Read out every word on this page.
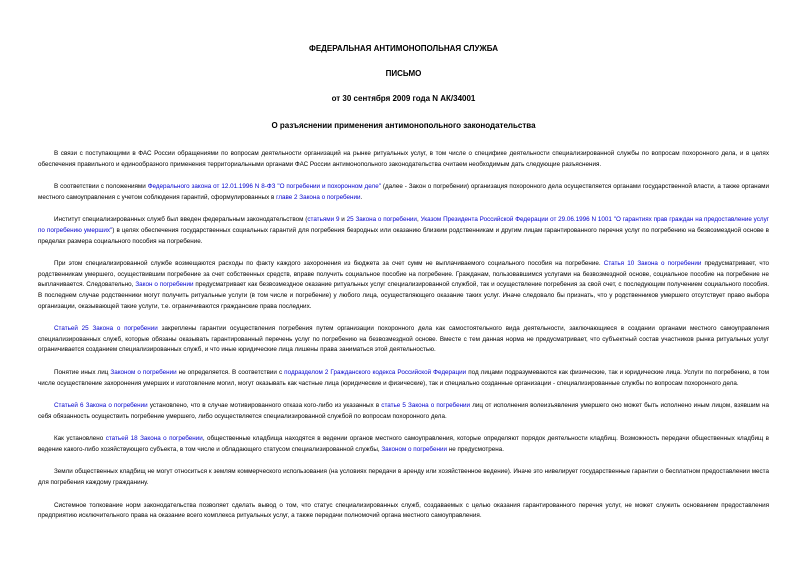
ФЕДЕРАЛЬНАЯ АНТИМОНОПОЛЬНАЯ СЛУЖБА

ПИСЬМО

от 30 сентября 2009 года N АК/34001

О разъяснении применения антимонопольного законодательства

В связи с поступающими в ФАС России обращениями по вопросам деятельности организаций на рынке ритуальных услуг, в том числе о специфике деятельности специализированной службы по вопросам похоронного дела, и в целях обеспечения правильного и единообразного применения территориальными органами ФАС России антимонопольного законодательства считаем необходимым дать следующие разъяснения.

В соответствии с положениями Федерального закона от 12.01.1996 N 8-ФЗ "О погребении и похоронном деле" (далее - Закон о погребении) организация похоронного дела осуществляется органами государственной власти, а также органами местного самоуправления с учетом соблюдения гарантий, сформулированных в главе 2 Закона о погребении.

Институт специализированных служб был введен федеральным законодательством (статьями 9 и 25 Закона о погребении, Указом Президента Российской Федерации от 29.06.1996 N 1001 "О гарантиях прав граждан на предоставление услуг по погребению умерших") в целях обеспечения государственных социальных гарантий для погребения безродных или оказанию близким родственникам и другим лицам гарантированного перечня услуг по погребению на безвозмездной основе в пределах размера социального пособия на погребение.

При этом специализированной службе возмещаются расходы по факту каждого захоронения из бюджета за счет сумм не выплачиваемого социального пособия на погребение. Статья 10 Закона о погребении предусматривает, что родственникам умершего, осуществившим погребение за счет собственных средств, вправе получить социальное пособие на погребение. Гражданам, пользовавшимся услугами на безвозмездной основе, социальное пособие на погребение не выплачивается. Следовательно, Закон о погребении предусматривает как безвозмездное оказание ритуальных услуг специализированной службой, так и осуществление погребения за свой счет, с последующим получением социального пособия. В последнем случае родственники могут получить ритуальные услуги (в том числе и погребение) у любого лица, осуществляющего оказание таких услуг. Иначе следовало бы признать, что у родственников умершего отсутствует право выбора организации, оказывающей такие услуги, т.е. ограничиваются гражданские права последних.

Статьей 25 Закона о погребении закреплены гарантии осуществления погребения путем организации похоронного дела как самостоятельного вида деятельности, заключающиеся в создании органами местного самоуправления специализированных служб, которые обязаны оказывать гарантированный перечень услуг по погребению на безвозмездной основе. Вместе с тем данная норма не предусматривает, что субъектный состав участников рынка ритуальных услуг ограничивается созданием специализированных служб, и что иные юридические лица лишены права заниматься этой деятельностью.

Понятие иных лиц Законом о погребении не определяется. В соответствии с подразделом 2 Гражданского кодекса Российской Федерации под лицами подразумеваются как физические, так и юридические лица. Услуги по погребению, в том числе осуществление захоронения умерших и изготовление могил, могут оказывать как частные лица (юридические и физические), так и специально созданные организации - специализированные службы по вопросам похоронного дела.

Статьей 6 Закона о погребении установлено, что в случае мотивированного отказа кого-либо из указанных в статье 5 Закона о погребении лиц от исполнения волеизъявления умершего оно может быть исполнено иным лицом, взявшим на себя обязанность осуществить погребение умершего, либо осуществляется специализированной службой по вопросам похоронного дела.

Как установлено статьей 18 Закона о погребении, общественные кладбища находятся в ведении органов местного самоуправления, которые определяют порядок деятельности кладбищ. Возможность передачи общественных кладбищ в ведение какого-либо хозяйствующего субъекта, в том числе и обладающего статусом специализированной службы, Законом о погребении не предусмотрена.

Земли общественных кладбищ не могут относиться к землям коммерческого использования (на условиях передачи в аренду или хозяйственное ведение). Иначе это нивелирует государственные гарантии о бесплатном предоставлении места для погребения каждому гражданину.

Системное толкование норм законодательства позволяет сделать вывод о том, что статус специализированных служб, создаваемых с целью оказания гарантированного перечня услуг, не может служить основанием предоставления предприятию исключительного права на оказание всего комплекса ритуальных услуг, а также передачи полномочий органа местного самоуправления.
